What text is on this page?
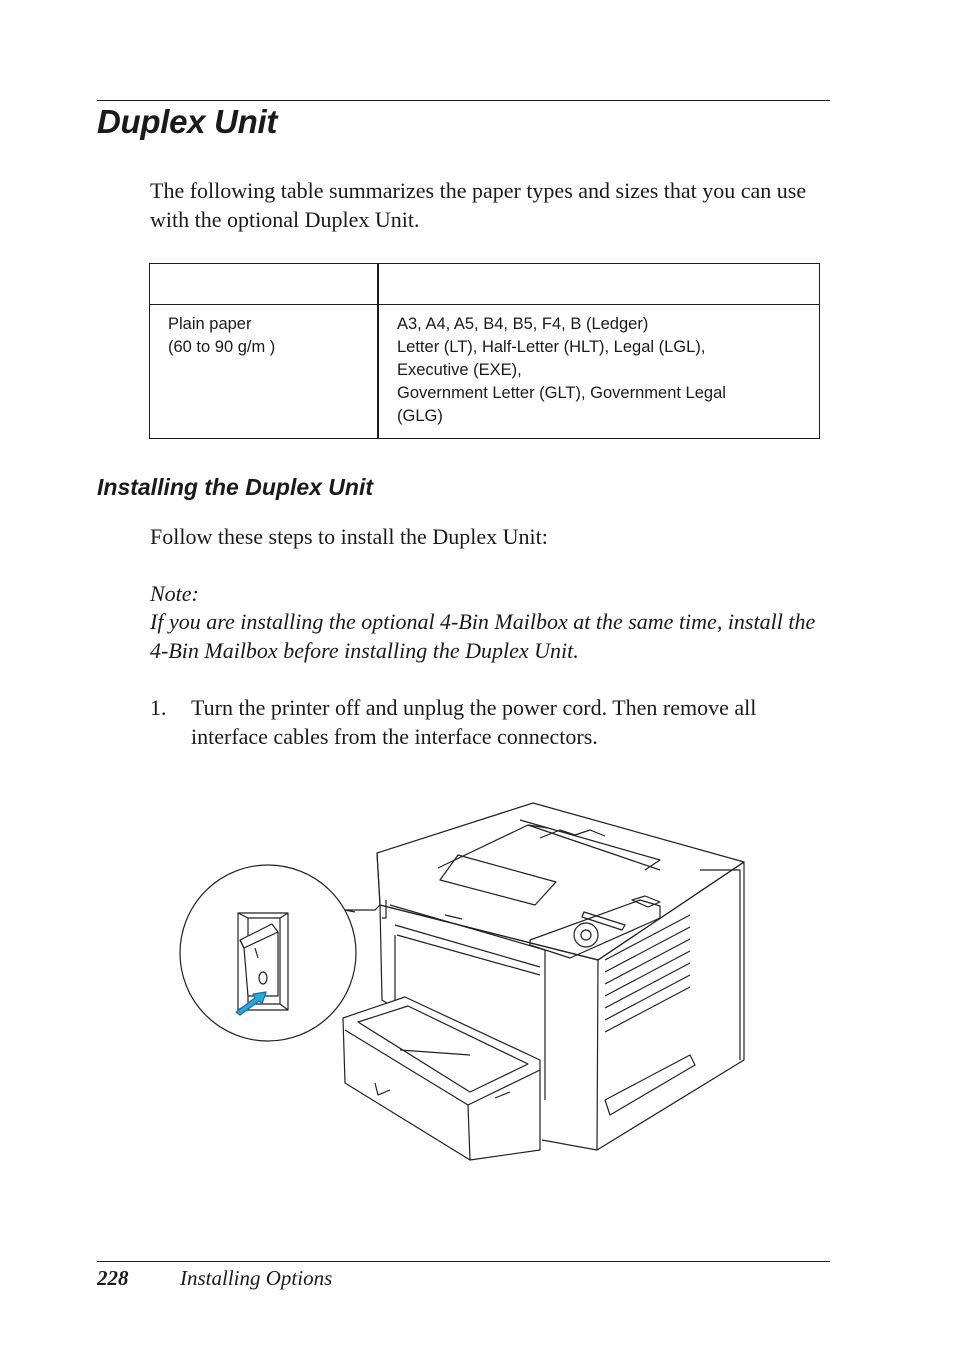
Duplex Unit

The following table summarizes the paper types and sizes that you can use with the optional Duplex Unit.

Plain paper
(60 to 90 g/m )	A3, A4, A5, B4, B5, F4, B (Ledger)
Letter (LT), Half-Letter (HLT), Legal (LGL),
Executive (EXE),
Government Letter (GLT), Government Legal
(GLG)
Installing the Duplex Unit

Follow these steps to install the Duplex Unit:

Note:

If you are installing the optional 4-Bin Mailbox at the same time, install the 4-Bin Mailbox before installing the Duplex Unit.

1. Turn the printer off and unplug the power cord. Then remove all interface cables from the interface connectors.
228 Installing Options
